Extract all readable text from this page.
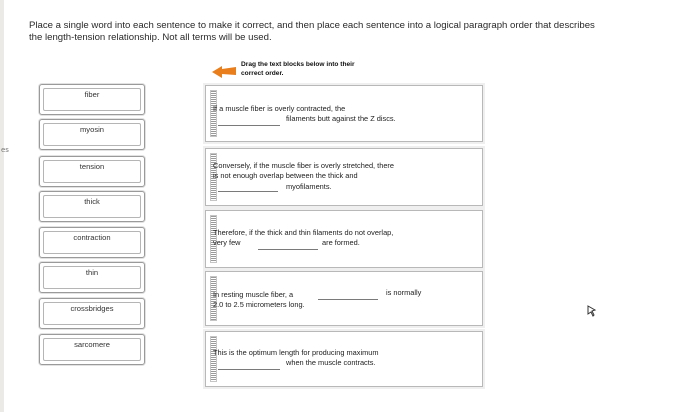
es
Place a single word into each sentence to make it correct, and then place each sentence into a logical paragraph order that describes
the length-tension relationship. Not all terms will be used.
Drag the text blocks below into their
correct order.
fiber
myosin
tension
thick
contraction
thin
crossbridges
sarcomere
If a muscle fiber is overly contracted, the
filaments butt against the Z discs.
Conversely, if the muscle fiber is overly stretched, there
is not enough overlap between the thick and
myofilaments.
Therefore, if the thick and thin filaments do not overlap,
very few	are formed.
In resting muscle fiber, a	is normally
2.0 to 2.5 micrometers long.
This is the optimum length for producing maximum
when the muscle contracts.
